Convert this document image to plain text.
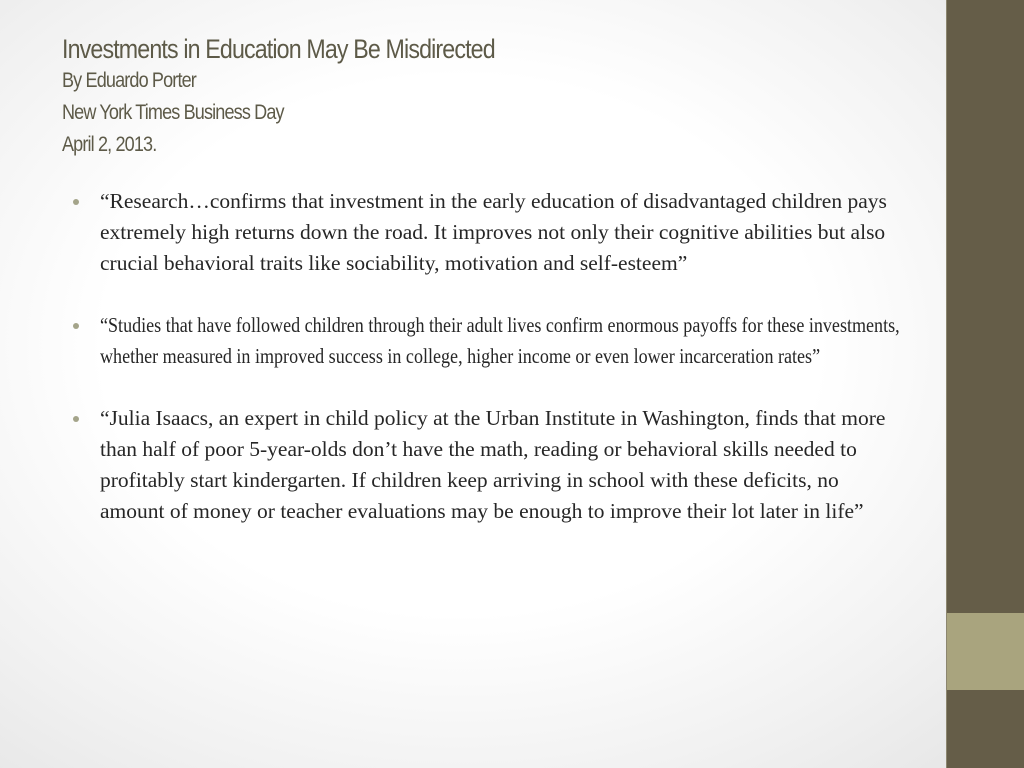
Investments in Education May Be Misdirected
By Eduardo Porter
New York Times Business Day
April 2, 2013.
“Research…confirms that investment in the early education of disadvantaged children pays extremely high returns down the road. It improves not only their cognitive abilities but also crucial behavioral traits like sociability, motivation and self-esteem”
“Studies that have followed children through their adult lives confirm enormous payoffs for these investments, whether measured in improved success in college, higher income or even lower incarceration rates”
“Julia Isaacs, an expert in child policy at the Urban Institute in Washington, finds that more than half of poor 5-year-olds don’t have the math, reading or behavioral skills needed to profitably start kindergarten. If children keep arriving in school with these deficits, no amount of money or teacher evaluations may be enough to improve their lot later in life”
